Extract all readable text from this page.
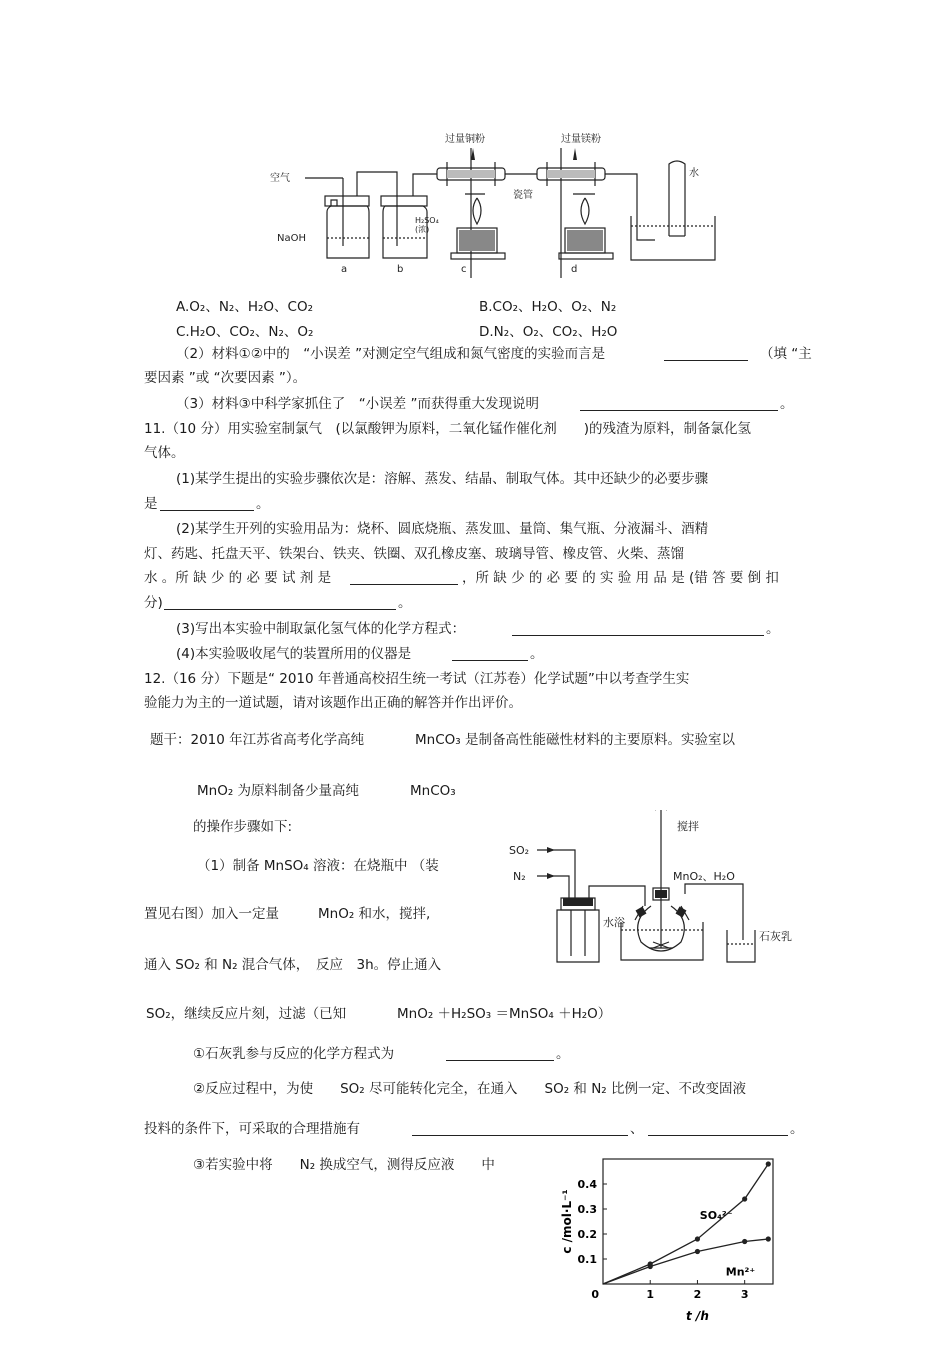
空气
NaOH
过量铜粉	过量镁粉
瓷管
水
H₂SO₄
(浓)
a	b	c	d
A.O₂、N₂、H₂O、CO₂	B.CO₂、H₂O、O₂、N₂
C.H₂O、CO₂、N₂、O₂	D.N₂、O₂、CO₂、H₂O
（2）材料①②中的　“小误差 ”对测定空气组成和氮气密度的实验而言是	（填 “主
要因素 ”或 “次要因素 ”）。
（3）材料③中科学家抓住了　“小误差 ”而获得重大发现说明	。
11.（10 分）用实验室制氯气　(以氯酸钾为原料，二氧化锰作催化剂　　)的残渣为原料，制备氯化氢
气体。
(1)某学生提出的实验步骤依次是：溶解、蒸发、结晶、制取气体。其中还缺少的必要步骤
是	。
(2)某学生开列的实验用品为：烧杯、圆底烧瓶、蒸发皿、量筒、集气瓶、分液漏斗、酒精
灯、药匙、托盘天平、铁架台、铁夹、铁圈、双孔橡皮塞、玻璃导管、橡皮管、火柴、蒸馏
水 。所 缺 少 的 必 要 试 剂 是	，所 缺 少 的 必 要 的 实 验 用 品 是 (错 答 要 倒 扣
分)	。
(3)写出本实验中制取氯化氢气体的化学方程式：	。
(4)本实验吸收尾气的装置所用的仪器是	。
12.（16 分）下题是“ 2010 年普通高校招生统一考试（江苏卷）化学试题”中以考查学生实
验能力为主的一道试题，请对该题作出正确的解答并作出评价。
题干：2010 年江苏省高考化学高纯	MnCO₃ 是制备高性能磁性材料的主要原料。实验室以
MnO₂ 为原料制备少量高纯	MnCO₃
的操作步骤如下:
（1）制备 MnSO₄ 溶液：在烧瓶中 （装
置见右图）加入一定量	MnO₂ 和水，搅拌,
通入 SO₂ 和 N₂ 混合气体，　反应　3h。停止通入
SO₂，继续反应片刻，过滤（已知	MnO₂ ＋H₂SO₃ ＝MnSO₄ ＋H₂O）
①石灰乳参与反应的化学方程式为	。
②反应过程中，为使　　SO₂ 尽可能转化完全，在通入　　SO₂ 和 N₂ 比例一定、不改变固液
投料的条件下，可采取的合理措施有	、	。
③若实验中将　　N₂ 换成空气，测得反应液　　中
搅拌
SO₂
N₂	MnO₂、H₂O
水浴
石灰乳
1	2	3
0.1
0.2
0.3
0.4
0
t /h
c /mol·L⁻¹	SO₄²⁻
Mn²⁺
